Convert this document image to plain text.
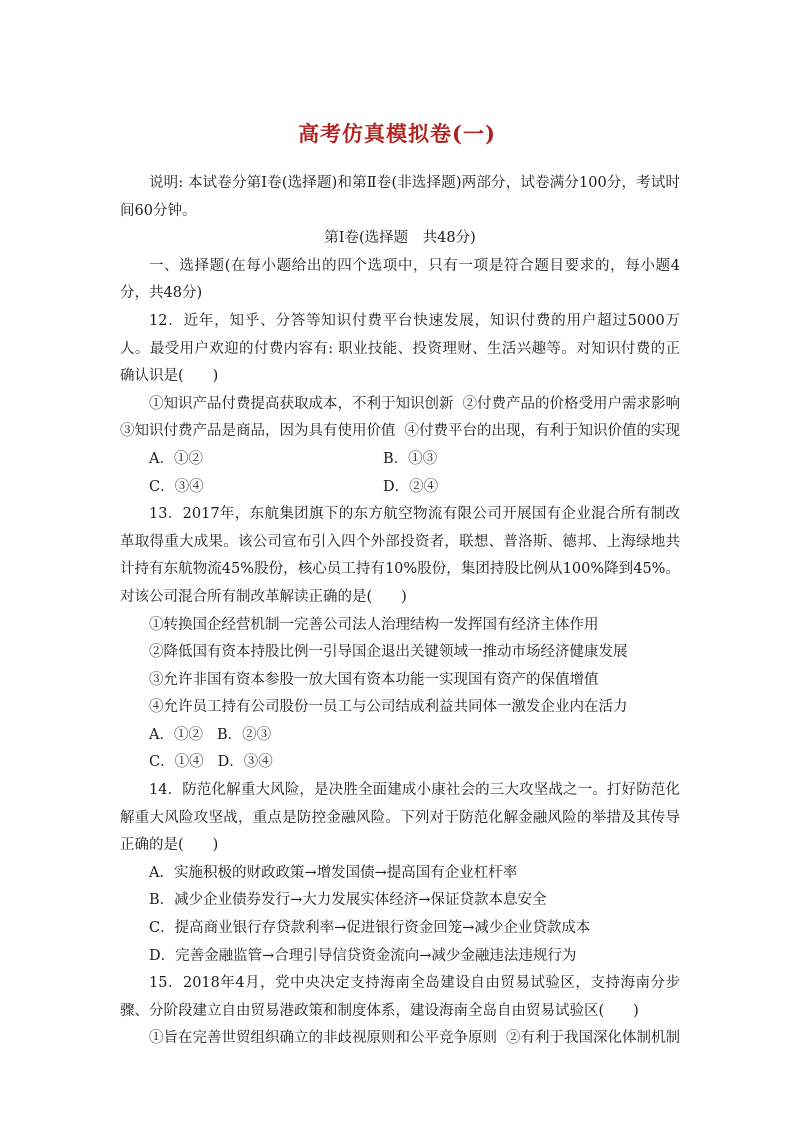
高考仿真模拟卷(一)

说明: 本试卷分第Ⅰ卷(选择题)和第Ⅱ卷(非选择题)两部分，试卷满分100分，考试时间60分钟。

第Ⅰ卷(选择题　共48分)

一、选择题(在每小题给出的四个选项中，只有一项是符合题目要求的，每小题4分，共48分)

12．近年，知乎、分答等知识付费平台快速发展，知识付费的用户超过5000万人。最受用户欢迎的付费内容有: 职业技能、投资理财、生活兴趣等。对知识付费的正确认识是(　　)

①知识产品付费提高获取成本，不利于知识创新 ②付费产品的价格受用户需求影响
③知识付费产品是商品，因为具有使用价值 ④付费平台的出现，有利于知识价值的实现
A．①②	B．①③
C．③④	D．②④

13．2017年，东航集团旗下的东方航空物流有限公司开展国有企业混合所有制改革取得重大成果。该公司宣布引入四个外部投资者，联想、普洛斯、德邦、上海绿地共计持有东航物流45%股份，核心员工持有10%股份，集团持股比例从100%降到45%。对该公司混合所有制改革解读正确的是(　　)

①转换国企经营机制一完善公司法人治理结构一发挥国有经济主体作用

②降低国有资本持股比例一引导国企退出关键领域一推动市场经济健康发展

③允许非国有资本参股一放大国有资本功能一实现国有资产的保值增值

④允许员工持有公司股份一员工与公司结成利益共同体一激发企业内在活力

A．①② B．②③
C．①④ D．③④

14．防范化解重大风险，是决胜全面建成小康社会的三大攻坚战之一。打好防范化解重大风险攻坚战，重点是防控金融风险。下列对于防范化解金融风险的举措及其传导正确的是(　　)

A．实施积极的财政政策→增发国债→提高国有企业杠杆率

B．减少企业债券发行→大力发展实体经济→保证贷款本息安全

C．提高商业银行存贷款利率→促进银行资金回笼→减少企业贷款成本

D．完善金融监管→合理引导信贷资金流向→减少金融违法违规行为

15．2018年4月，党中央决定支持海南全岛建设自由贸易试验区，支持海南分步骤、分阶段建立自由贸易港政策和制度体系，建设海南全岛自由贸易试验区(　　)

①旨在完善世贸组织确立的非歧视原则和公平竞争原则 ②有利于我国深化体制机制
